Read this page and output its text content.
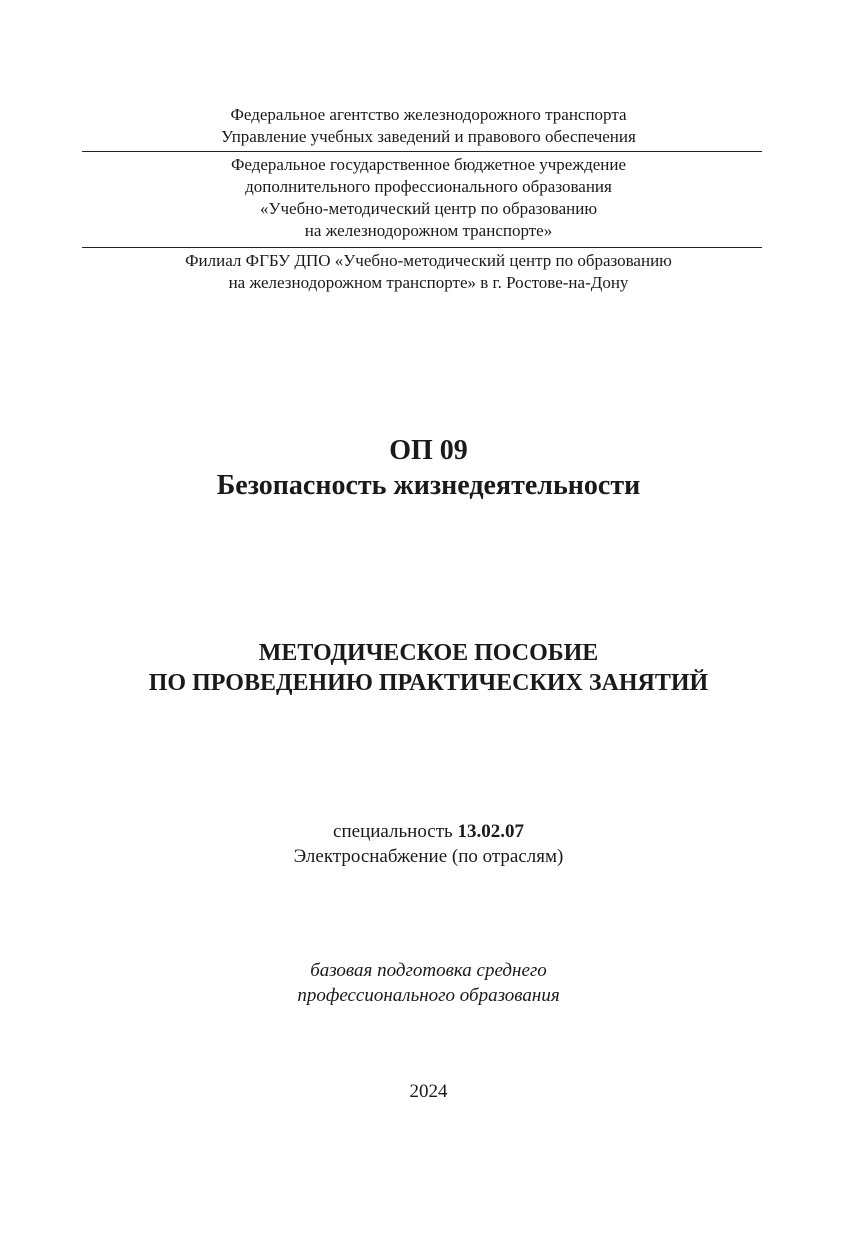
Федеральное агентство железнодорожного транспорта
Управление учебных заведений и правового обеспечения
Федеральное государственное бюджетное учреждение
дополнительного профессионального образования
«Учебно-методический центр по образованию
на железнодорожном транспорте»
Филиал ФГБУ ДПО «Учебно-методический центр по образованию
на железнодорожном транспорте» в г. Ростове-на-Дону
ОП 09
Безопасность жизнедеятельности
МЕТОДИЧЕСКОЕ ПОСОБИЕ
ПО ПРОВЕДЕНИЮ ПРАКТИЧЕСКИХ ЗАНЯТИЙ
специальность 13.02.07
Электроснабжение (по отраслям)
базовая подготовка среднего
профессионального образования
2024
